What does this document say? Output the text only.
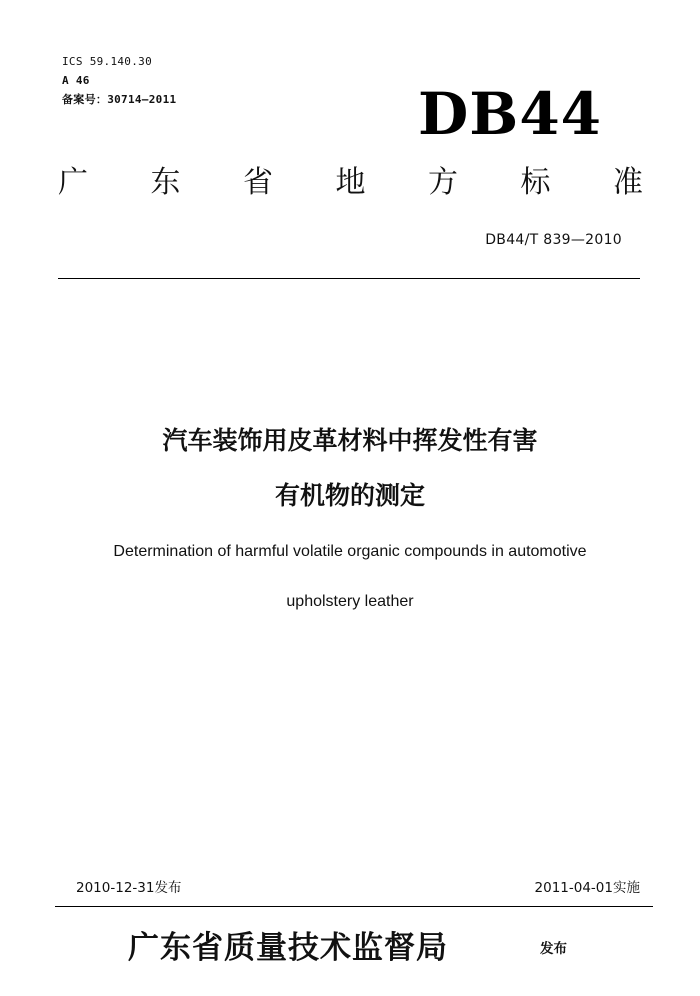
ICS 59.140.30
A 46
备案号：30714—2011	DB44
广 东 省 地 方 标 准
DB44/T 839—2010
汽车装饰用皮革材料中挥发性有害
有机物的测定
Determination of harmful volatile organic compounds in automotive
upholstery leather
2010-12-31发布	2011-04-01实施
广东省质量技术监督局	发布
